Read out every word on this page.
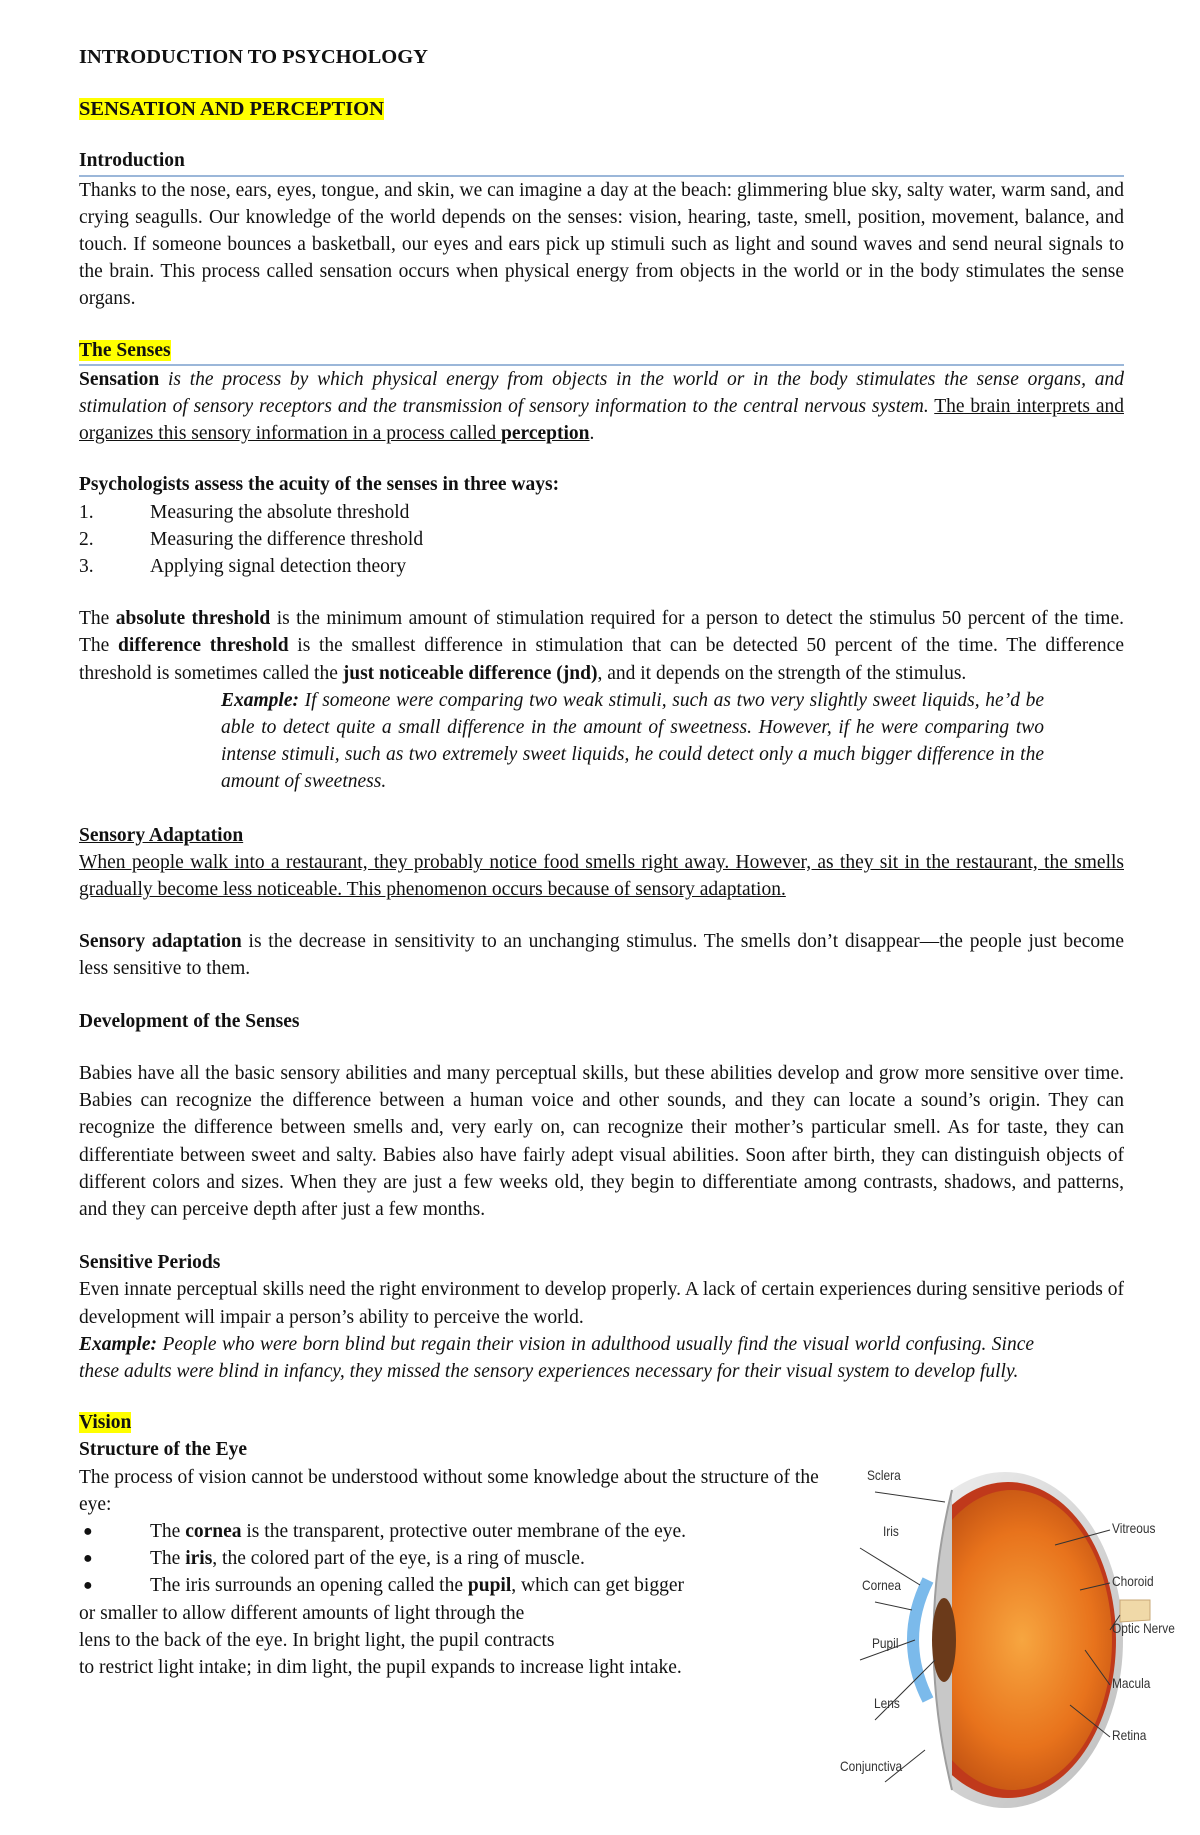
INTRODUCTION TO PSYCHOLOGY
SENSATION AND PERCEPTION
Introduction
Thanks to the nose, ears, eyes, tongue, and skin, we can imagine a day at the beach: glimmering blue sky, salty water, warm sand, and crying seagulls. Our knowledge of the world depends on the senses: vision, hearing, taste, smell, position, movement, balance, and touch. If someone bounces a basketball, our eyes and ears pick up stimuli such as light and sound waves and send neural signals to the brain. This process called sensation occurs when physical energy from objects in the world or in the body stimulates the sense organs.
The Senses
Sensation is the process by which physical energy from objects in the world or in the body stimulates the sense organs, and stimulation of sensory receptors and the transmission of sensory information to the central nervous system. The brain interprets and organizes this sensory information in a process called perception.
Psychologists assess the acuity of the senses in three ways:
1.	Measuring the absolute threshold
2.	Measuring the difference threshold
3.	Applying signal detection theory
The absolute threshold is the minimum amount of stimulation required for a person to detect the stimulus 50 percent of the time. The difference threshold is the smallest difference in stimulation that can be detected 50 percent of the time. The difference threshold is sometimes called the just noticeable difference (jnd), and it depends on the strength of the stimulus.
Example: If someone were comparing two weak stimuli, such as two very slightly sweet liquids, he’d be able to detect quite a small difference in the amount of sweetness. However, if he were comparing two intense stimuli, such as two extremely sweet liquids, he could detect only a much bigger difference in the amount of sweetness.
Sensory Adaptation
When people walk into a restaurant, they probably notice food smells right away. However, as they sit in the restaurant, the smells gradually become less noticeable. This phenomenon occurs because of sensory adaptation.
Sensory adaptation is the decrease in sensitivity to an unchanging stimulus. The smells don’t disappear—the people just become less sensitive to them.
Development of the Senses
Babies have all the basic sensory abilities and many perceptual skills, but these abilities develop and grow more sensitive over time. Babies can recognize the difference between a human voice and other sounds, and they can locate a sound’s origin. They can recognize the difference between smells and, very early on, can recognize their mother’s particular smell. As for taste, they can differentiate between sweet and salty. Babies also have fairly adept visual abilities. Soon after birth, they can distinguish objects of different colors and sizes. When they are just a few weeks old, they begin to differentiate among contrasts, shadows, and patterns, and they can perceive depth after just a few months.
Sensitive Periods
Even innate perceptual skills need the right environment to develop properly. A lack of certain experiences during sensitive periods of development will impair a person’s ability to perceive the world.
Example: People who were born blind but regain their vision in adulthood usually find the visual world confusing. Since these adults were blind in infancy, they missed the sensory experiences necessary for their visual system to develop fully.
Vision
Structure of the Eye
The process of vision cannot be understood without some knowledge about the structure of the eye:
●	The cornea is the transparent, protective outer membrane of the eye.
●	The iris, the colored part of the eye, is a ring of muscle.
●	The iris surrounds an opening called the pupil, which can get bigger
or smaller to allow different amounts of light through the
lens to the back of the eye. In bright light, the pupil contracts
to restrict light intake; in dim light, the pupil expands to increase light intake.
Sclera
Iris
Cornea
Pupil
Lens
Conjunctiva
Vitreous
Choroid
Optic Nerve
Macula
Retina
